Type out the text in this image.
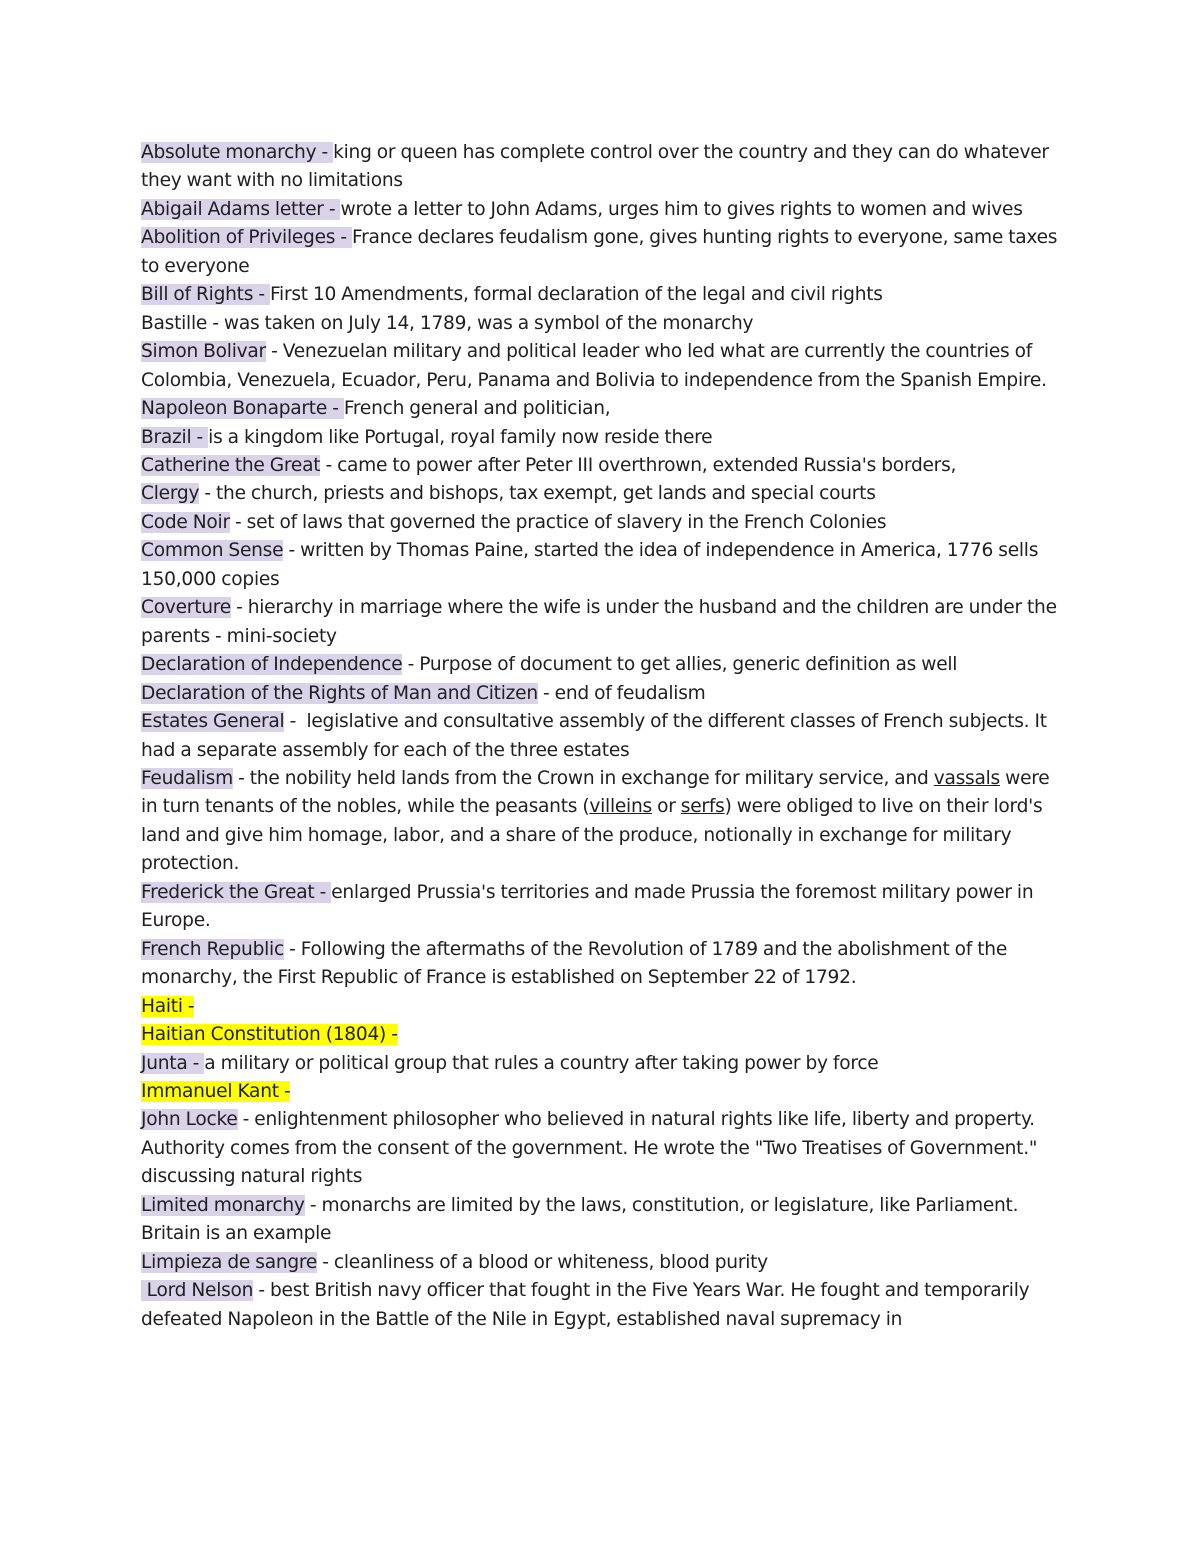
Absolute monarchy - king or queen has complete control over the country and they can do whatever they want with no limitations

Abigail Adams letter - wrote a letter to John Adams, urges him to gives rights to women and wives

Abolition of Privileges - France declares feudalism gone, gives hunting rights to everyone, same taxes to everyone

Bill of Rights - First 10 Amendments, formal declaration of the legal and civil rights

Bastille - was taken on July 14, 1789, was a symbol of the monarchy

Simon Bolivar - Venezuelan military and political leader who led what are currently the countries of Colombia, Venezuela, Ecuador, Peru, Panama and Bolivia to independence from the Spanish Empire.

Napoleon Bonaparte - French general and politician,

Brazil - is a kingdom like Portugal, royal family now reside there

Catherine the Great - came to power after Peter III overthrown, extended Russia's borders,

Clergy - the church, priests and bishops, tax exempt, get lands and special courts

Code Noir - set of laws that governed the practice of slavery in the French Colonies

Common Sense - written by Thomas Paine, started the idea of independence in America, 1776 sells 150,000 copies

Coverture - hierarchy in marriage where the wife is under the husband and the children are under the parents - mini-society

Declaration of Independence - Purpose of document to get allies, generic definition as well

Declaration of the Rights of Man and Citizen - end of feudalism

Estates General -  legislative and consultative assembly of the different classes of French subjects. It had a separate assembly for each of the three estates

Feudalism - the nobility held lands from the Crown in exchange for military service, and vassals were in turn tenants of the nobles, while the peasants (villeins or serfs) were obliged to live on their lord's land and give him homage, labor, and a share of the produce, notionally in exchange for military protection.

Frederick the Great - enlarged Prussia's territories and made Prussia the foremost military power in Europe.

French Republic - Following the aftermaths of the Revolution of 1789 and the abolishment of the monarchy, the First Republic of France is established on September 22 of 1792.

Haiti -

Haitian Constitution (1804) -

Junta - a military or political group that rules a country after taking power by force

Immanuel Kant -

John Locke - enlightenment philosopher who believed in natural rights like life, liberty and property. Authority comes from the consent of the government. He wrote the "Two Treatises of Government." discussing natural rights

Limited monarchy - monarchs are limited by the laws, constitution, or legislature, like Parliament. Britain is an example

Limpieza de sangre - cleanliness of a blood or whiteness, blood purity

Lord Nelson - best British navy officer that fought in the Five Years War. He fought and temporarily defeated Napoleon in the Battle of the Nile in Egypt, established naval supremacy in
